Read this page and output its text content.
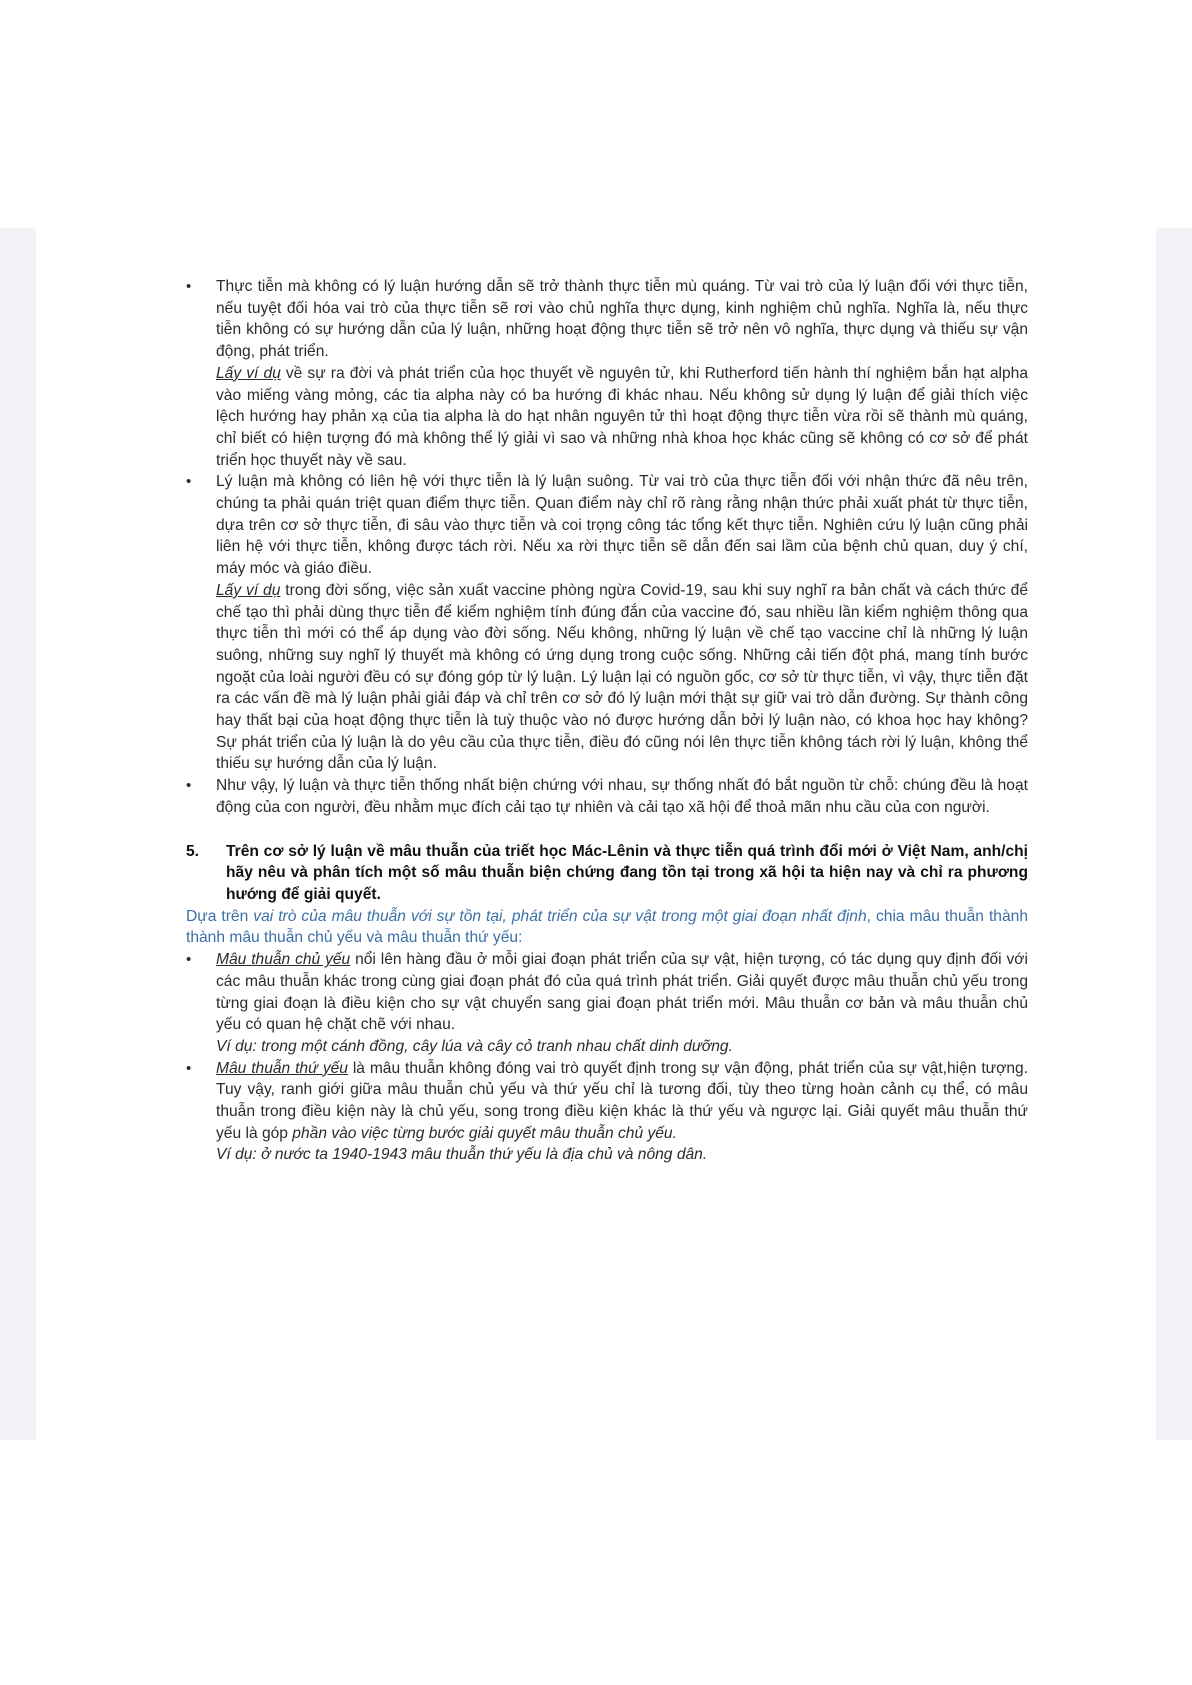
• Thực tiễn mà không có lý luận hướng dẫn sẽ trở thành thực tiễn mù quáng. Từ vai trò của lý luận đối với thực tiễn, nếu tuyệt đối hóa vai trò của thực tiễn sẽ rơi vào chủ nghĩa thực dụng, kinh nghiệm chủ nghĩa. Nghĩa là, nếu thực tiễn không có sự hướng dẫn của lý luận, những hoạt động thực tiễn sẽ trở nên vô nghĩa, thực dụng và thiếu sự vận động, phát triển.

Lấy ví dụ về sự ra đời và phát triển của học thuyết về nguyên tử, khi Rutherford tiến hành thí nghiệm bắn hạt alpha vào miếng vàng mỏng, các tia alpha này có ba hướng đi khác nhau. Nếu không sử dụng lý luận để giải thích việc lệch hướng hay phản xạ của tia alpha là do hạt nhân nguyên tử thì hoạt động thực tiễn vừa rồi sẽ thành mù quáng, chỉ biết có hiện tượng đó mà không thể lý giải vì sao và những nhà khoa học khác cũng sẽ không có cơ sở để phát triển học thuyết này về sau.

• Lý luận mà không có liên hệ với thực tiễn là lý luận suông. Từ vai trò của thực tiễn đối với nhận thức đã nêu trên, chúng ta phải quán triệt quan điểm thực tiễn. Quan điểm này chỉ rõ ràng rằng nhận thức phải xuất phát từ thực tiễn, dựa trên cơ sở thực tiễn, đi sâu vào thực tiễn và coi trọng công tác tổng kết thực tiễn. Nghiên cứu lý luận cũng phải liên hệ với thực tiễn, không được tách rời. Nếu xa rời thực tiễn sẽ dẫn đến sai lầm của bệnh chủ quan, duy ý chí, máy móc và giáo điều.

Lấy ví dụ trong đời sống, việc sản xuất vaccine phòng ngừa Covid-19, sau khi suy nghĩ ra bản chất và cách thức để chế tạo thì phải dùng thực tiễn để kiểm nghiệm tính đúng đắn của vaccine đó, sau nhiều lần kiểm nghiệm thông qua thực tiễn thì mới có thể áp dụng vào đời sống. Nếu không, những lý luận về chế tạo vaccine chỉ là những lý luận suông, những suy nghĩ lý thuyết mà không có ứng dụng trong cuộc sống. Những cải tiến đột phá, mang tính bước ngoặt của loài người đều có sự đóng góp từ lý luận. Lý luận lại có nguồn gốc, cơ sở từ thực tiễn, vì vậy, thực tiễn đặt ra các vấn đề mà lý luận phải giải đáp và chỉ trên cơ sở đó lý luận mới thật sự giữ vai trò dẫn đường. Sự thành công hay thất bại của hoạt động thực tiễn là tuỳ thuộc vào nó được hướng dẫn bởi lý luận nào, có khoa học hay không? Sự phát triển của lý luận là do yêu cầu của thực tiễn, điều đó cũng nói lên thực tiễn không tách rời lý luận, không thể thiếu sự hướng dẫn của lý luận.

• Như vậy, lý luận và thực tiễn thống nhất biện chứng với nhau, sự thống nhất đó bắt nguồn từ chỗ: chúng đều là hoạt động của con người, đều nhằm mục đích cải tạo tự nhiên và cải tạo xã hội để thoả mãn nhu cầu của con người.

5. Trên cơ sở lý luận về mâu thuẫn của triết học Mác-Lênin và thực tiễn quá trình đổi mới ở Việt Nam, anh/chị hãy nêu và phân tích một số mâu thuẫn biện chứng đang tồn tại trong xã hội ta hiện nay và chỉ ra phương hướng để giải quyết.

Dựa trên vai trò của mâu thuẫn với sự tồn tại, phát triển của sự vật trong một giai đoạn nhất định, chia mâu thuẫn thành thành mâu thuẫn chủ yếu và mâu thuẫn thứ yếu:

• Mâu thuẫn chủ yếu nổi lên hàng đầu ở mỗi giai đoạn phát triển của sự vật, hiện tượng, có tác dụng quy định đối với các mâu thuẫn khác trong cùng giai đoạn phát đó của quá trình phát triển. Giải quyết được mâu thuẫn chủ yếu trong từng giai đoạn là điều kiện cho sự vật chuyển sang giai đoạn phát triển mới. Mâu thuẫn cơ bản và mâu thuẫn chủ yếu có quan hệ chặt chẽ với nhau.

Ví dụ: trong một cánh đồng, cây lúa và cây cỏ tranh nhau chất dinh dưỡng.

• Mâu thuẫn thứ yếu là mâu thuẫn không đóng vai trò quyết định trong sự vận động, phát triển của sự vật,hiện tượng. Tuy vậy, ranh giới giữa mâu thuẫn chủ yếu và thứ yếu chỉ là tương đối, tùy theo từng hoàn cảnh cụ thể, có mâu thuẫn trong điều kiện này là chủ yếu, song trong điều kiện khác là thứ yếu và ngược lại. Giải quyết mâu thuẫn thứ yếu là góp phần vào việc từng bước giải quyết mâu thuẫn chủ yếu.

Ví dụ: ở nước ta 1940-1943 mâu thuẫn thứ yếu là địa chủ và nông dân.
